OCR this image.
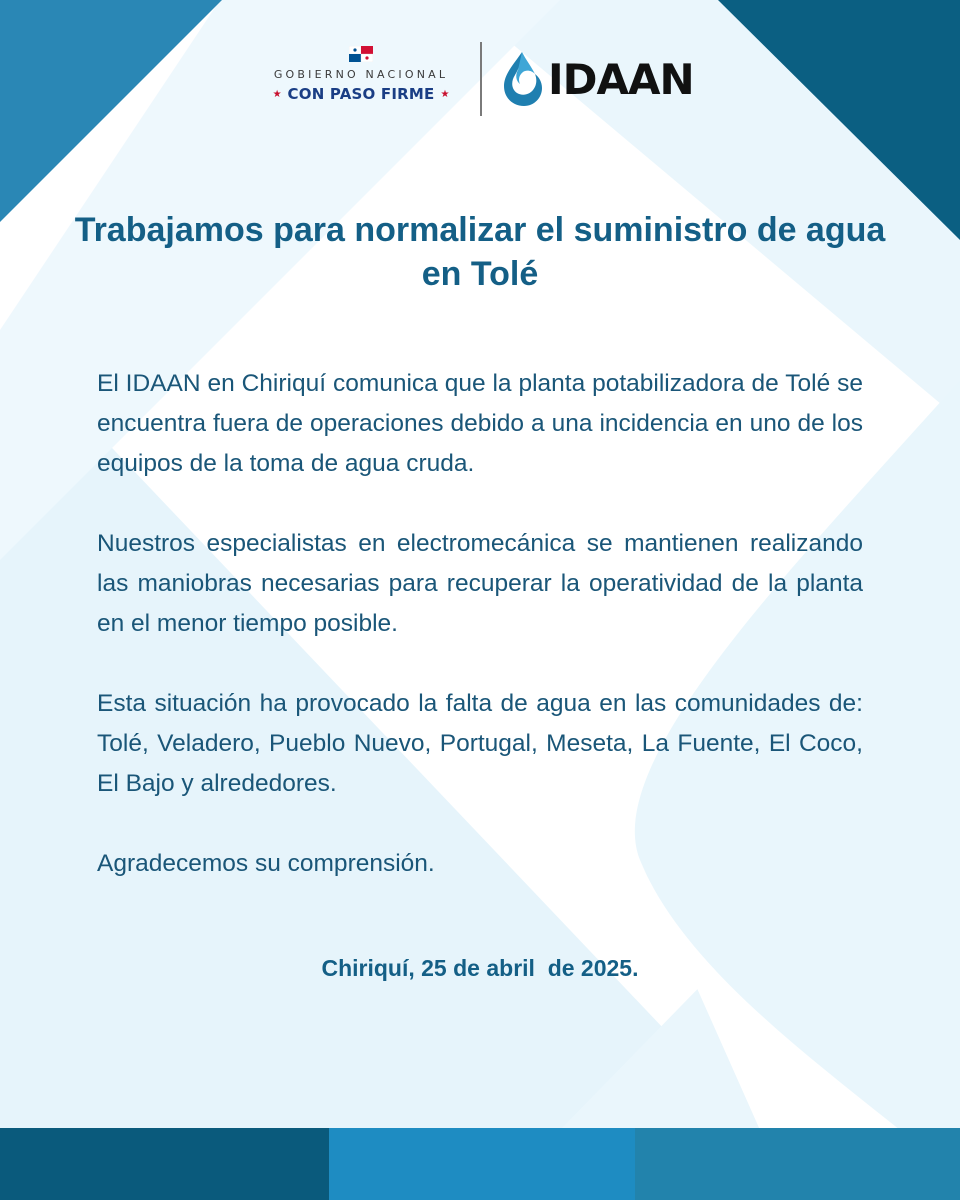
GOBIERNO NACIONAL
★ CON PASO FIRME ★	IDAAN
Trabajamos para normalizar el suministro de agua en Tolé

El IDAAN en Chiriquí comunica que la planta potabilizadora de Tolé se encuentra fuera de operaciones debido a una incidencia en uno de los equipos de la toma de agua cruda.

Nuestros especialistas en electromecánica se mantienen realizando las maniobras necesarias para recuperar la operatividad de la planta en el menor tiempo posible.

Esta situación ha provocado la falta de agua en las comunidades de: Tolé, Veladero, Pueblo Nuevo, Portugal, Meseta, La Fuente, El Coco, El Bajo y alrededores.

Agradecemos su comprensión.

Chiriquí, 25 de abril  de 2025.
